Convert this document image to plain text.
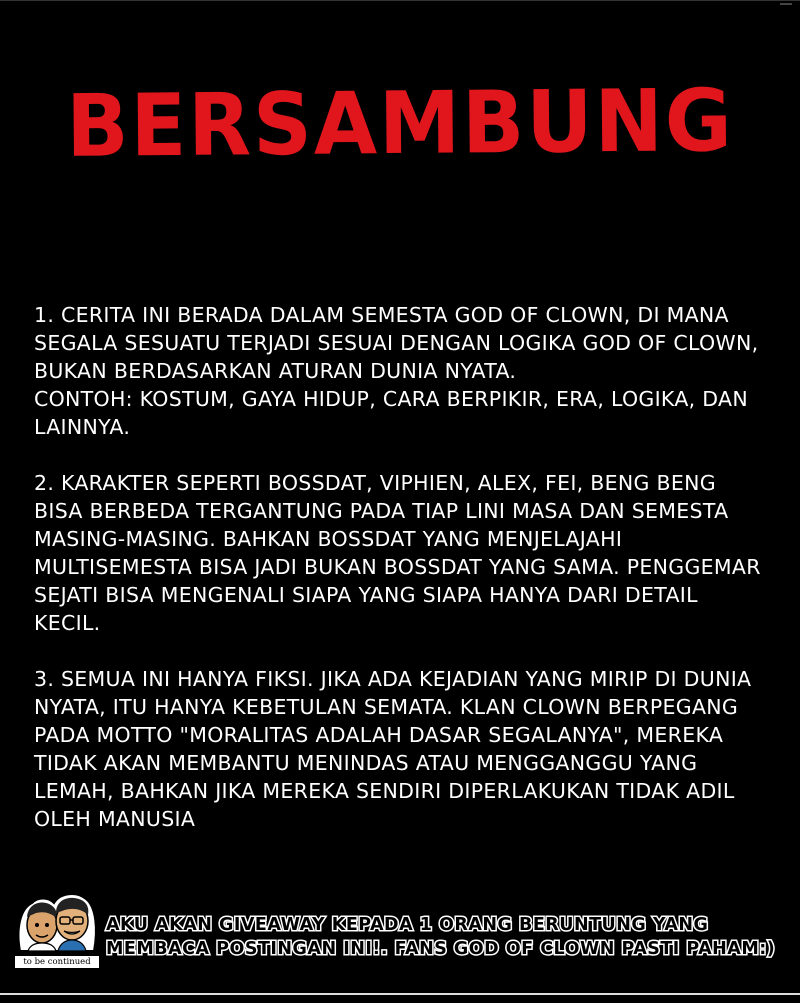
BERSAMBUNG

1. CERITA INI BERADA DALAM SEMESTA GOD OF CLOWN, DI MANA SEGALA SESUATU TERJADI SESUAI DENGAN LOGIKA GOD OF CLOWN, BUKAN BERDASARKAN ATURAN DUNIA NYATA.
CONTOH: KOSTUM, GAYA HIDUP, CARA BERPIKIR, ERA, LOGIKA, DAN LAINNYA.

2. KARAKTER SEPERTI BOSSDAT, VIPHIEN, ALEX, FEI, BENG BENG BISA BERBEDA TERGANTUNG PADA TIAP LINI MASA DAN SEMESTA MASING-MASING. BAHKAN BOSSDAT YANG MENJELAJAHI MULTISEMESTA BISA JADI BUKAN BOSSDAT YANG SAMA. PENGGEMAR SEJATI BISA MENGENALI SIAPA YANG SIAPA HANYA DARI DETAIL KECIL.

3. SEMUA INI HANYA FIKSI. JIKA ADA KEJADIAN YANG MIRIP DI DUNIA NYATA, ITU HANYA KEBETULAN SEMATA. KLAN CLOWN BERPEGANG PADA MOTTO "MORALITAS ADALAH DASAR SEGALANYA", MEREKA TIDAK AKAN MEMBANTU MENINDAS ATAU MENGGANGGU YANG LEMAH, BAHKAN JIKA MEREKA SENDIRI DIPERLAKUKAN TIDAK ADIL OLEH MANUSIA

to be continued
AKU AKAN GIVEAWAY KEPADA 1 ORANG BERUNTUNG YANG
MEMBACA POSTINGAN INI!. FANS GOD OF CLOWN PASTI PAHAM:)
